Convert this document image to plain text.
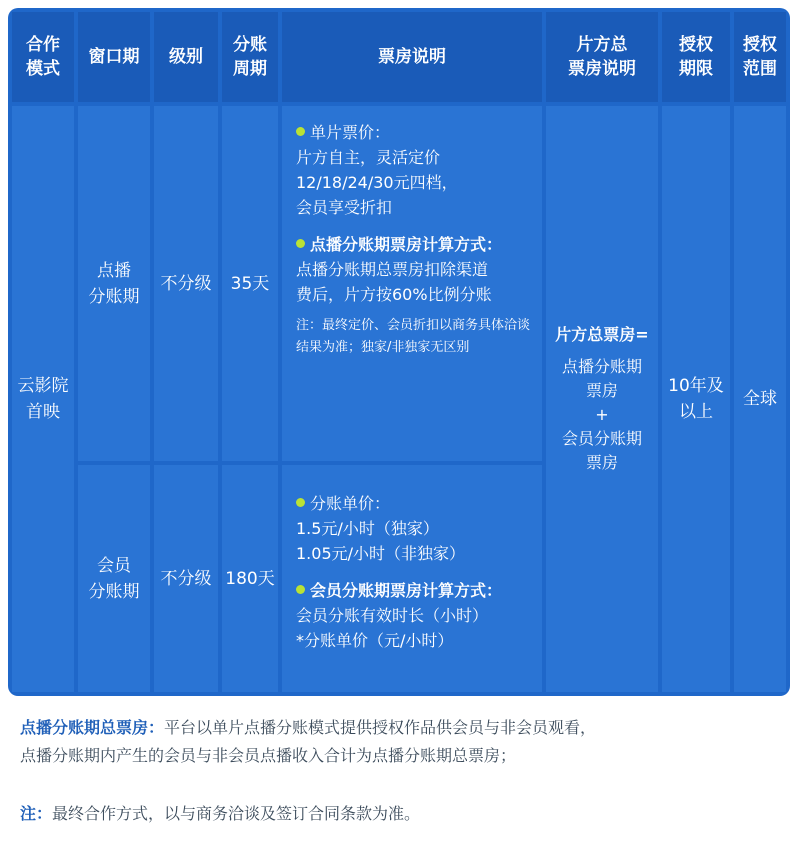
合作
模式
窗口期	级别
分账
周期
票房说明
片方总
票房说明
授权
期限
授权
范围
云影院
首映
点播
分账期
不分级	35天
单片票价：
片方自主，灵活定价
12/18/24/30元四档，
会员享受折扣
点播分账期票房计算方式：
点播分账期总票房扣除渠道
费后，片方按60%比例分账
注：最终定价、会员折扣以商务具体洽谈结果为准；独家/非独家无区别
会员
分账期
不分级 180天
分账单价：
1.5元/小时（独家）
1.05元/小时（非独家）
会员分账期票房计算方式：
会员分账有效时长（小时）
*分账单价（元/小时）
片方总票房=
点播分账期
票房
+
会员分账期
票房
10年及
以上
全球
点播分账期总票房：平台以单片点播分账模式提供授权作品供会员与非会员观看，
点播分账期内产生的会员与非会员点播收入合计为点播分账期总票房；
注：最终合作方式，以与商务洽谈及签订合同条款为准。
